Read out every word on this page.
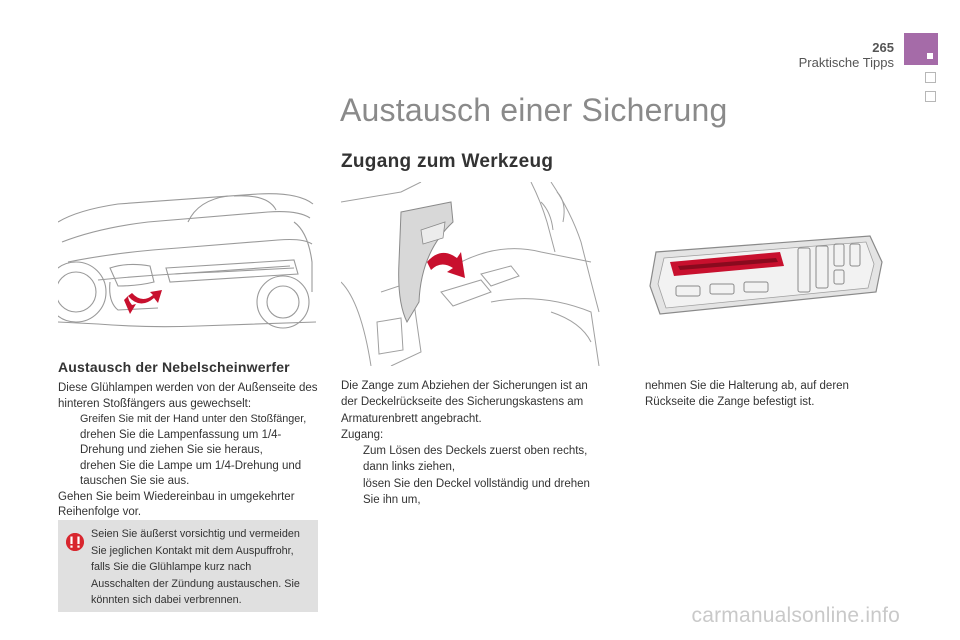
265
Praktische Tipps
Austausch einer Sicherung
Zugang zum Werkzeug
Austausch der Nebelscheinwerfer

Diese Glühlampen werden von der Außenseite des hinteren Stoßfängers aus gewechselt:

Greifen Sie mit der Hand unter den Stoßfänger,

drehen Sie die Lampenfassung um 1/4-Drehung und ziehen Sie sie heraus,

drehen Sie die Lampe um 1/4-Drehung und tauschen Sie sie aus.

Gehen Sie beim Wiedereinbau in umgekehrter Reihenfolge vor.

Seien Sie äußerst vorsichtig und vermeiden Sie jeglichen Kontakt mit dem Auspuffrohr, falls Sie die Glühlampe kurz nach Ausschalten der Zündung austauschen. Sie könnten sich dabei verbrennen.

Die Zange zum Abziehen der Sicherungen ist an der Deckelrückseite des Sicherungskastens am Armaturenbrett angebracht.

Zugang:

Zum Lösen des Deckels zuerst oben rechts, dann links ziehen,

lösen Sie den Deckel vollständig und drehen Sie ihn um,

nehmen Sie die Halterung ab, auf deren Rückseite die Zange befestigt ist.

carmanualsonline.info
